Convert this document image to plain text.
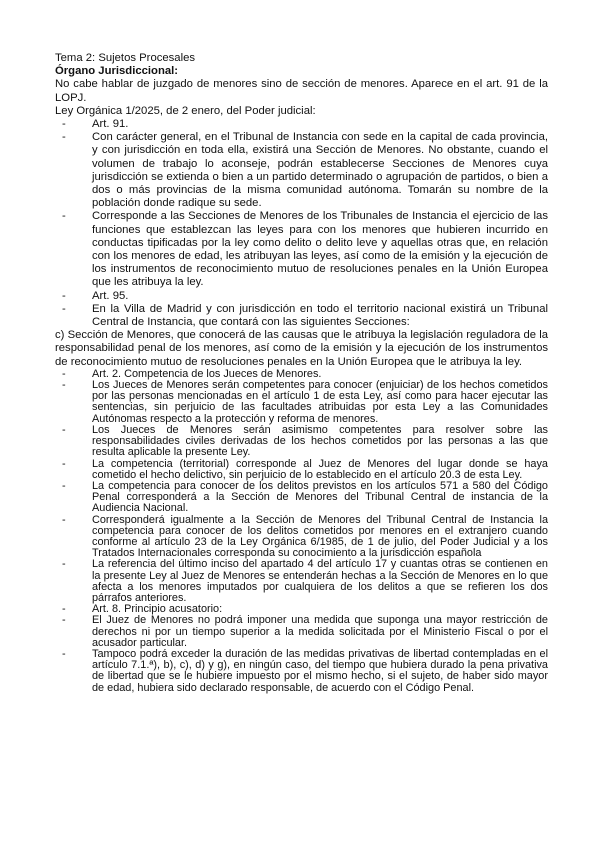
Tema 2: Sujetos Procesales

Órgano Jurisdiccional:

No cabe hablar de juzgado de menores sino de sección de menores. Aparece en el art. 91 de la LOPJ.

Ley Orgánica 1/2025, de 2 enero, del Poder judicial:

- Art. 91.
- Con carácter general, en el Tribunal de Instancia con sede en la capital de cada provincia, y con jurisdicción en toda ella, existirá una Sección de Menores. No obstante, cuando el volumen de trabajo lo aconseje, podrán establecerse Secciones de Menores cuya jurisdicción se extienda o bien a un partido determinado o agrupación de partidos, o bien a dos o más provincias de la misma comunidad autónoma. Tomarán su nombre de la población donde radique su sede.
- Corresponde a las Secciones de Menores de los Tribunales de Instancia el ejercicio de las funciones que establezcan las leyes para con los menores que hubieren incurrido en conductas tipificadas por la ley como delito o delito leve y aquellas otras que, en relación con los menores de edad, les atribuyan las leyes, así como de la emisión y la ejecución de los instrumentos de reconocimiento mutuo de resoluciones penales en la Unión Europea que les atribuya la ley.
- Art. 95.
- En la Villa de Madrid y con jurisdicción en todo el territorio nacional existirá un Tribunal Central de Instancia, que contará con las siguientes Secciones:

c) Sección de Menores, que conocerá de las causas que le atribuya la legislación reguladora de la responsabilidad penal de los menores, así como de la emisión y la ejecución de los instrumentos de reconocimiento mutuo de resoluciones penales en la Unión Europea que le atribuya la ley.

- Art. 2. Competencia de los Jueces de Menores.
- Los Jueces de Menores serán competentes para conocer (enjuiciar) de los hechos cometidos por las personas mencionadas en el artículo 1 de esta Ley, así como para hacer ejecutar las sentencias, sin perjuicio de las facultades atribuidas por esta Ley a las Comunidades Autónomas respecto a la protección y reforma de menores.
- Los Jueces de Menores serán asimismo competentes para resolver sobre las responsabilidades civiles derivadas de los hechos cometidos por las personas a las que resulta aplicable la presente Ley.
- La competencia (territorial) corresponde al Juez de Menores del lugar donde se haya cometido el hecho delictivo, sin perjuicio de lo establecido en el artículo 20.3 de esta Ley.
- La competencia para conocer de los delitos previstos en los artículos 571 a 580 del Código Penal corresponderá a la Sección de Menores del Tribunal Central de instancia de la Audiencia Nacional.
- Corresponderá igualmente a la Sección de Menores del Tribunal Central de Instancia la competencia para conocer de los delitos cometidos por menores en el extranjero cuando conforme al artículo 23 de la Ley Orgánica 6/1985, de 1 de julio, del Poder Judicial y a los Tratados Internacionales corresponda su conocimiento a la jurisdicción española
- La referencia del último inciso del apartado 4 del artículo 17 y cuantas otras se contienen en la presente Ley al Juez de Menores se entenderán hechas a la Sección de Menores en lo que afecta a los menores imputados por cualquiera de los delitos a que se refieren los dos párrafos anteriores.
- Art. 8. Principio acusatorio:
- El Juez de Menores no podrá imponer una medida que suponga una mayor restricción de derechos ni por un tiempo superior a la medida solicitada por el Ministerio Fiscal o por el acusador particular.
- Tampoco podrá exceder la duración de las medidas privativas de libertad contempladas en el artículo 7.1.ª), b), c), d) y g), en ningún caso, del tiempo que hubiera durado la pena privativa de libertad que se le hubiere impuesto por el mismo hecho, si el sujeto, de haber sido mayor de edad, hubiera sido declarado responsable, de acuerdo con el Código Penal.
